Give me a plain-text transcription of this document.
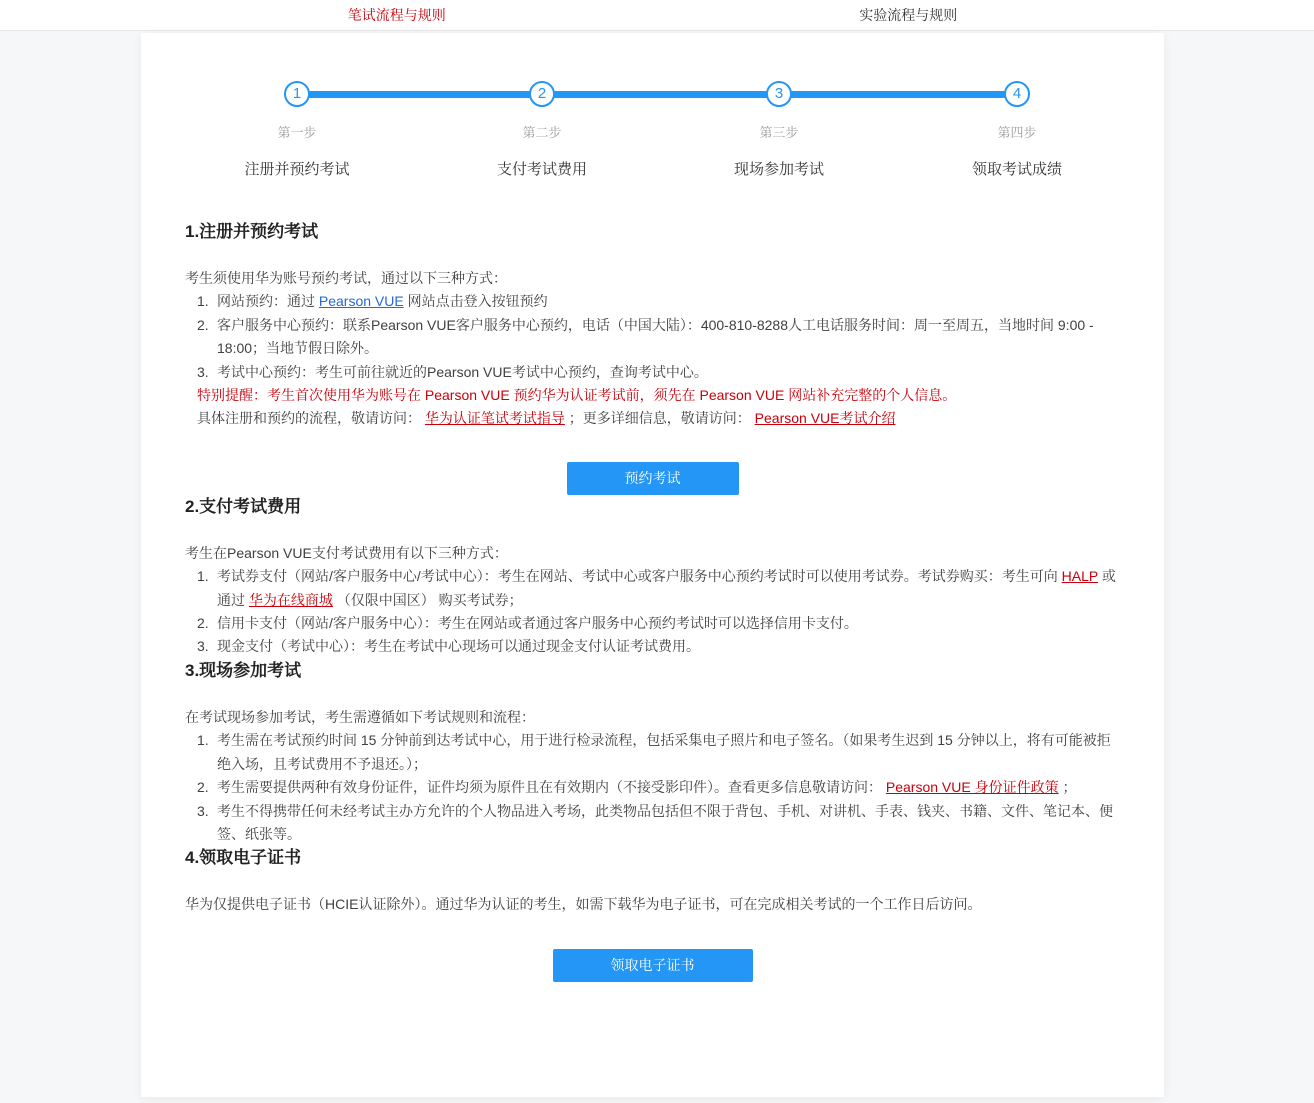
笔试流程与规则	实验流程与规则
1
第一步
注册并预约考试
2
第二步
支付考试费用
3
第三步
现场参加考试
4
第四步
领取考试成绩
1.注册并预约考试
考生须使用华为账号预约考试，通过以下三种方式：
1. 网站预约：通过 Pearson VUE 网站点击登入按钮预约
2. 客户服务中心预约：联系Pearson VUE客户服务中心预约，电话（中国大陆）：400-810-8288人工电话服务时间：周一至周五，当地时间 9:00 - 18:00；当地节假日除外。
3. 考试中心预约：考生可前往就近的Pearson VUE考试中心预约，查询考试中心。
特别提醒：考生首次使用华为账号在 Pearson VUE 预约华为认证考试前，须先在 Pearson VUE 网站补充完整的个人信息。
具体注册和预约的流程，敬请访问： 华为认证笔试考试指导 ；更多详细信息，敬请访问： Pearson VUE考试介绍
预约考试
2.支付考试费用
考生在Pearson VUE支付考试费用有以下三种方式：
1. 考试券支付（网站/客户服务中心/考试中心）：考生在网站、考试中心或客户服务中心预约考试时可以使用考试券。考试券购买：考生可向 HALP 或通过 华为在线商城 （仅限中国区） 购买考试券；
2. 信用卡支付（网站/客户服务中心）：考生在网站或者通过客户服务中心预约考试时可以选择信用卡支付。
3. 现金支付（考试中心）：考生在考试中心现场可以通过现金支付认证考试费用。
3.现场参加考试
在考试现场参加考试，考生需遵循如下考试规则和流程：
1. 考生需在考试预约时间 15 分钟前到达考试中心，用于进行检录流程，包括采集电子照片和电子签名。（如果考生迟到 15 分钟以上，将有可能被拒绝入场，且考试费用不予退还。）；
2. 考生需要提供两种有效身份证件，证件均须为原件且在有效期内（不接受影印件）。查看更多信息敬请访问： Pearson VUE 身份证件政策 ；
3. 考生不得携带任何未经考试主办方允许的个人物品进入考场，此类物品包括但不限于背包、手机、对讲机、手表、钱夹、书籍、文件、笔记本、便签、纸张等。
4.领取电子证书
华为仅提供电子证书（HCIE认证除外）。通过华为认证的考生，如需下载华为电子证书，可在完成相关考试的一个工作日后访问。
领取电子证书
